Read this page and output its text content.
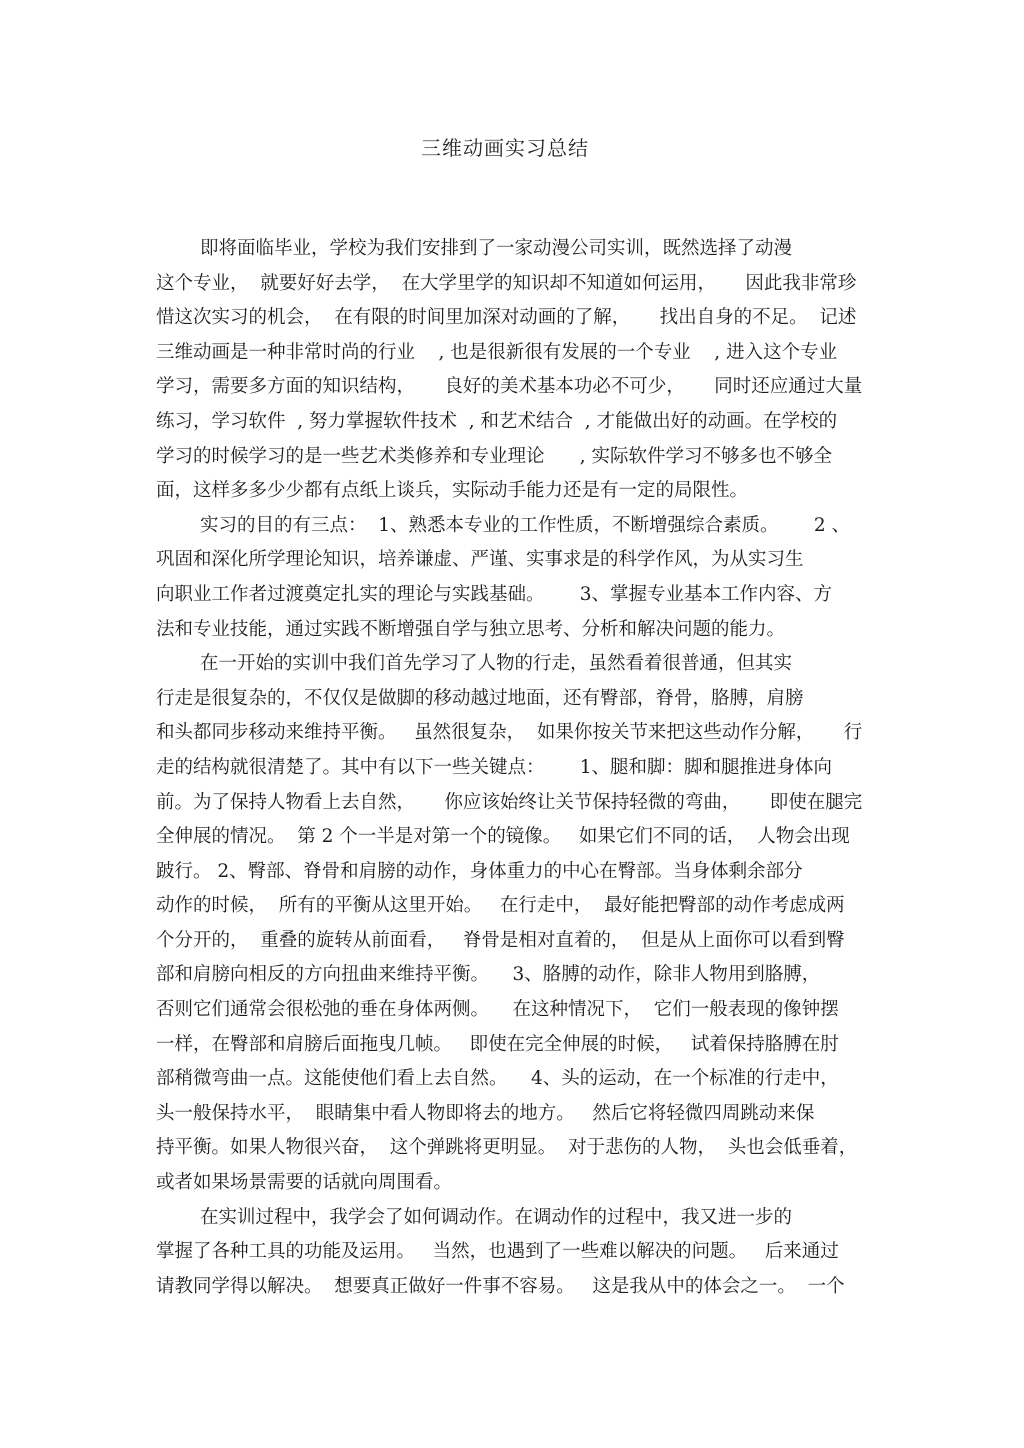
三维动画实习总结
即将面临毕业，学校为我们安排到了一家动漫公司实训，既然选择了动漫
这个专业，  就要好好去学，  在大学里学的知识却不知道如何运用，     因此我非常珍
惜这次实习的机会，  在有限的时间里加深对动画的了解，     找出自身的不足。  记述
三维动画是一种非常时尚的行业    , 也是很新很有发展的一个专业    , 进入这个专业
学习，需要多方面的知识结构，     良好的美术基本功必不可少，     同时还应通过大量
练习，学习软件  , 努力掌握软件技术  , 和艺术结合  , 才能做出好的动画。在学校的
学习的时候学习的是一些艺术类修养和专业理论      , 实际软件学习不够多也不够全
面，这样多多少少都有点纸上谈兵，实际动手能力还是有一定的局限性。
实习的目的有三点：  1、熟悉本专业的工作性质，不断增强综合素质。      2 、
巩固和深化所学理论知识，培养谦虚、严谨、实事求是的科学作风，为从实习生
向职业工作者过渡奠定扎实的理论与实践基础。      3、掌握专业基本工作内容、方
法和专业技能，通过实践不断增强自学与独立思考、分析和解决问题的能力。
在一开始的实训中我们首先学习了人物的行走，虽然看着很普通，但其实
行走是很复杂的，不仅仅是做脚的移动越过地面，还有臀部，脊骨，胳膊，肩膀
和头都同步移动来维持平衡。   虽然很复杂，  如果你按关节来把这些动作分解，     行
走的结构就很清楚了。其中有以下一些关键点：      1、腿和脚：脚和腿推进身体向
前。为了保持人物看上去自然，     你应该始终让关节保持轻微的弯曲，     即使在腿完
全伸展的情况。  第 2 个一半是对第一个的镜像。   如果它们不同的话，  人物会出现
跛行。 2、臀部、脊骨和肩膀的动作，身体重力的中心在臀部。当身体剩余部分
动作的时候，  所有的平衡从这里开始。   在行走中，  最好能把臀部的动作考虑成两
个分开的，  重叠的旋转从前面看，   脊骨是相对直着的，  但是从上面你可以看到臀
部和肩膀向相反的方向扭曲来维持平衡。    3、胳膊的动作，除非人物用到胳膊，
否则它们通常会很松弛的垂在身体两侧。    在这种情况下，  它们一般表现的像钟摆
一样，在臀部和肩膀后面拖曳几帧。   即使在完全伸展的时候，   试着保持胳膊在肘
部稍微弯曲一点。这能使他们看上去自然。    4、头的运动，在一个标准的行走中，
头一般保持水平，  眼睛集中看人物即将去的地方。   然后它将轻微四周跳动来保
持平衡。如果人物很兴奋，  这个弹跳将更明显。  对于悲伤的人物，  头也会低垂着，
或者如果场景需要的话就向周围看。
在实训过程中，我学会了如何调动作。在调动作的过程中，我又进一步的
掌握了各种工具的功能及运用。   当然，也遇到了一些难以解决的问题。   后来通过
请教同学得以解决。  想要真正做好一件事不容易。   这是我从中的体会之一。  一个
